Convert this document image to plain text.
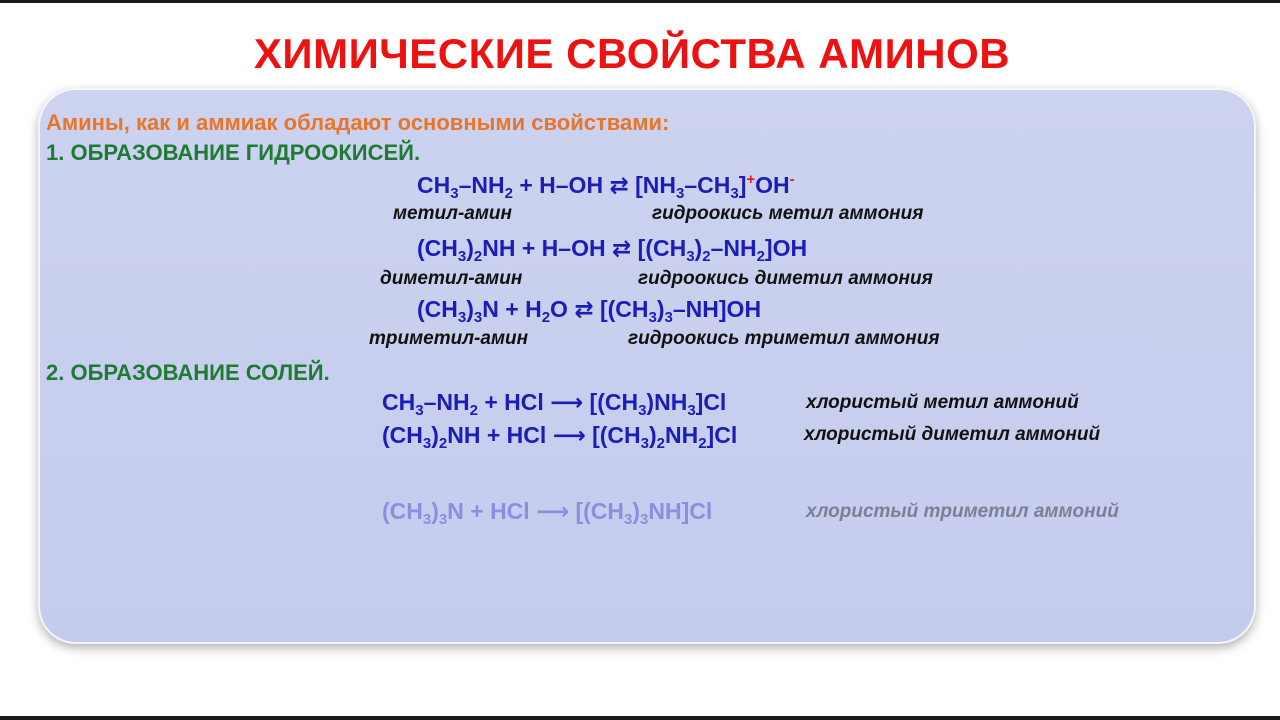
ХИМИЧЕСКИЕ СВОЙСТВА АМИНОВ
Амины, как и аммиак обладают основными свойствами:
1. ОБРАЗОВАНИЕ ГИДРООКИСЕЙ.
$CH_3-NH_2 + H-OH$ ⇄ $[NH_3-CH_3]^+OH^-$
метил-амин	гидроокись метил аммония
$(CH_3)_2NH + H-OH$ ⇄ $[(CH_3)_2-NH_2]OH$
диметил-амин	гидроокись диметил аммония
$(CH_3)_3N + H_2O$ ⇄ $[(CH_3)_3-NH]OH$
триметил-амин	гидроокись триметил аммония
2. ОБРАЗОВАНИЕ СОЛЕЙ.
$CH_3-NH_2$ + HCl ⟶ $[(CH_3)NH_3]Cl$	хлористый метил аммоний
$(CH_3)_2NH$ + HCl ⟶ $[(CH_3)_2NH_2]Cl$	хлористый диметил аммоний
$(CH_3)_3N$ + HCl ⟶ $[(CH_3)_3NH]Cl$	хлористый триметил аммоний
